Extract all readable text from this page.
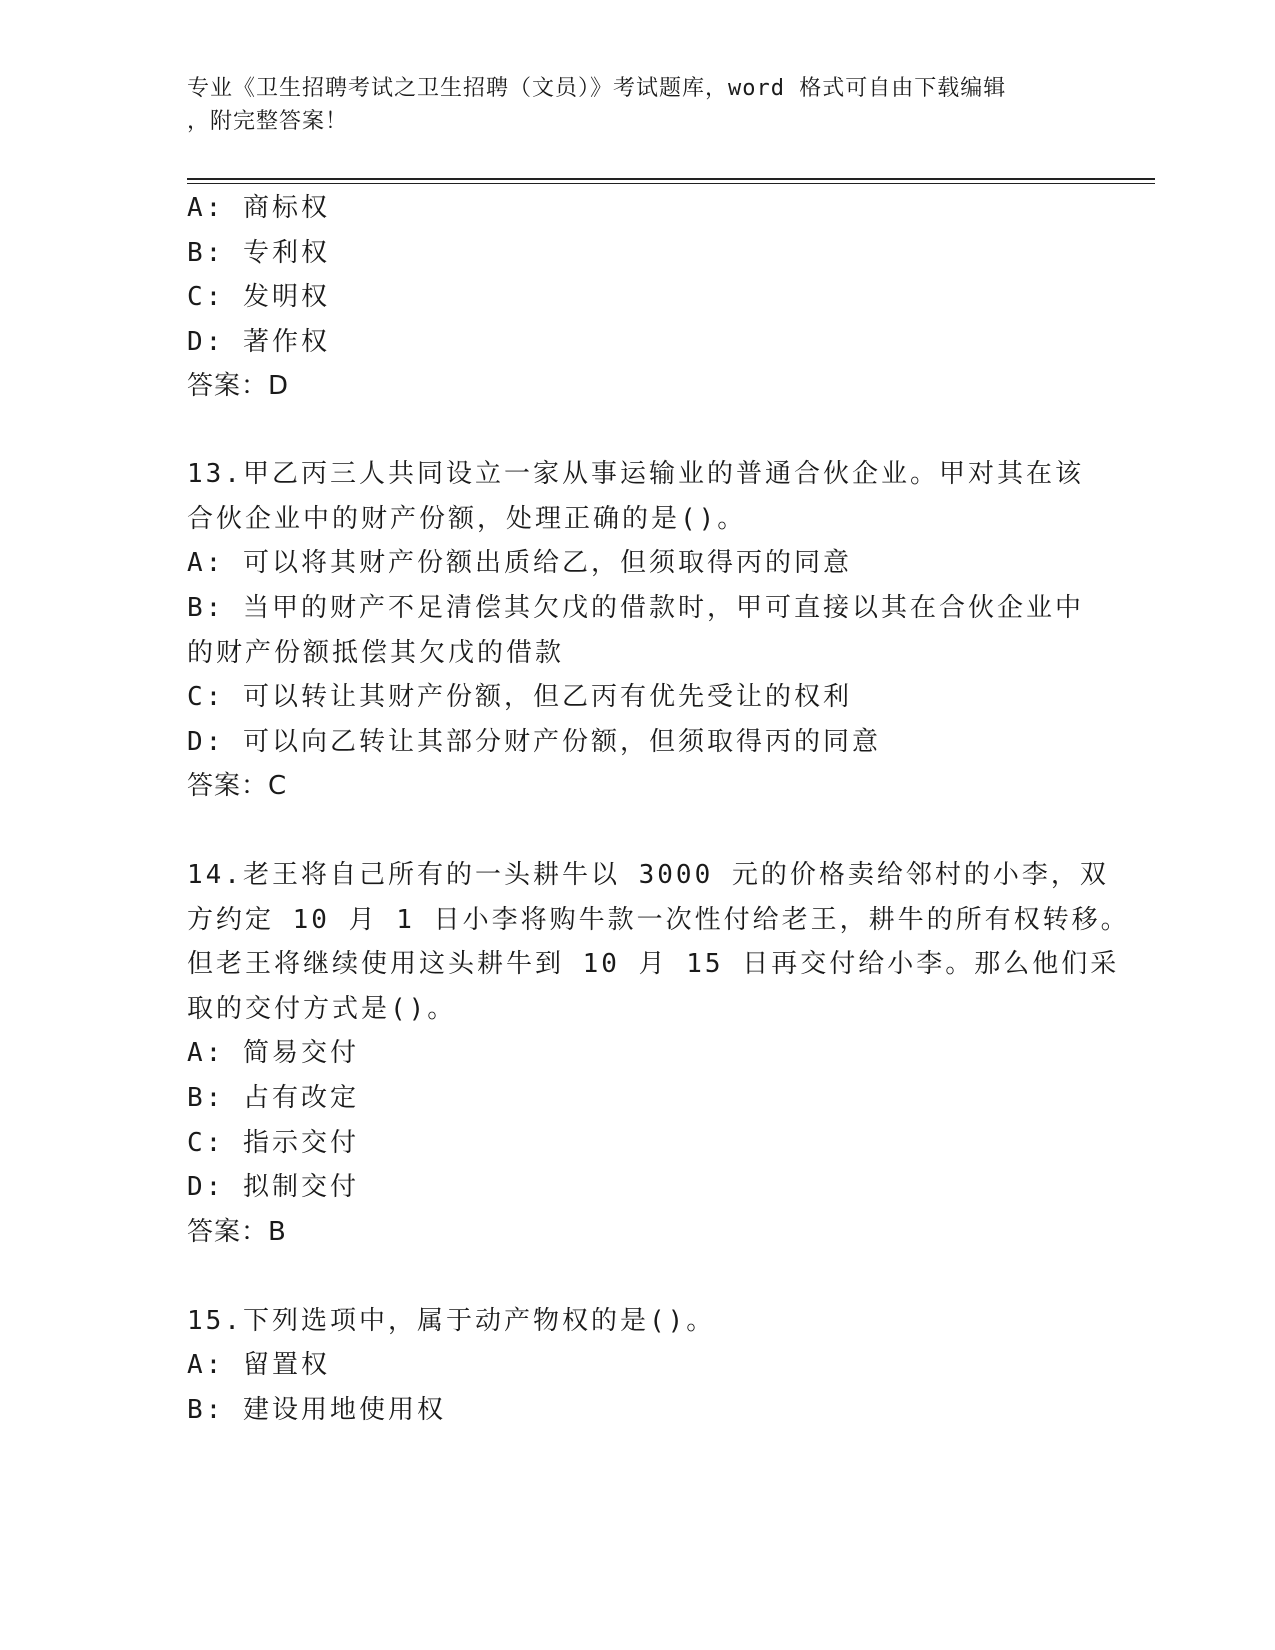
专业《卫生招聘考试之卫生招聘（文员）》考试题库，word 格式可自由下载编辑
，附完整答案！
A: 商标权
B: 专利权
C: 发明权
D: 著作权
答案：D
13.甲乙丙三人共同设立一家从事运输业的普通合伙企业。甲对其在该
合伙企业中的财产份额，处理正确的是()。
A: 可以将其财产份额出质给乙，但须取得丙的同意
B: 当甲的财产不足清偿其欠戊的借款时，甲可直接以其在合伙企业中
的财产份额抵偿其欠戊的借款
C: 可以转让其财产份额，但乙丙有优先受让的权利
D: 可以向乙转让其部分财产份额，但须取得丙的同意
答案：C
14.老王将自己所有的一头耕牛以 3000 元的价格卖给邻村的小李，双
方约定 10 月 1 日小李将购牛款一次性付给老王，耕牛的所有权转移。
但老王将继续使用这头耕牛到 10 月 15 日再交付给小李。那么他们采
取的交付方式是()。
A: 简易交付
B: 占有改定
C: 指示交付
D: 拟制交付
答案：B
15.下列选项中，属于动产物权的是()。
A: 留置权
B: 建设用地使用权
